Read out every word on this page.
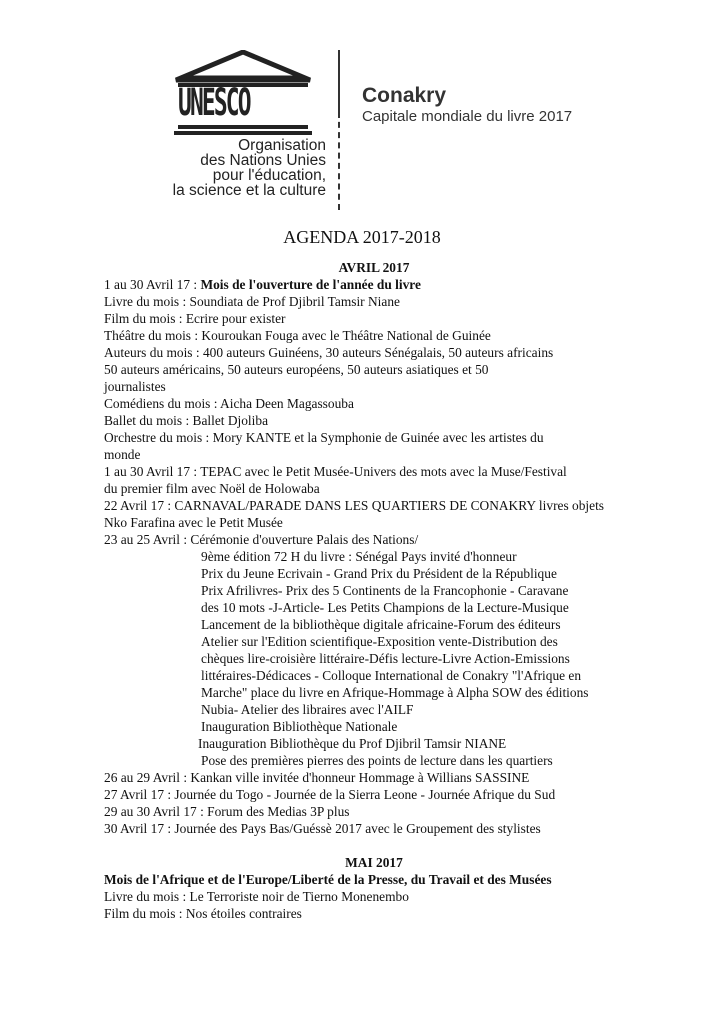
UNESCO
Organisation
des Nations Unies
pour l'éducation,
la science et la culture
Conakry
Capitale mondiale du livre 2017
AGENDA 2017-2018

AVRIL 2017

1 au 30 Avril 17 : Mois de l'ouverture de l'année du livre

Livre du mois : Soundiata de Prof Djibril Tamsir Niane

Film du mois : Ecrire pour exister

Théâtre du mois : Kouroukan Fouga avec le Théâtre National de Guinée

Auteurs du mois : 400 auteurs Guinéens, 30 auteurs Sénégalais, 50 auteurs africains

50 auteurs américains, 50 auteurs européens, 50 auteurs asiatiques et 50

journalistes

Comédiens du mois : Aicha Deen Magassouba

Ballet du mois : Ballet Djoliba

Orchestre du mois : Mory KANTE et la Symphonie de Guinée avec les artistes du

monde

1 au 30 Avril 17 : TEPAC avec le Petit Musée-Univers des mots avec la Muse/Festival

du premier film avec Noël de Holowaba

22 Avril 17 : CARNAVAL/PARADE DANS LES QUARTIERS DE CONAKRY livres objets

Nko Farafina avec le Petit Musée

23 au 25 Avril : Cérémonie d'ouverture Palais des Nations/

9ème édition 72 H du livre : Sénégal Pays invité d'honneur

Prix du Jeune Ecrivain - Grand Prix du Président de la République

Prix Afrilivres- Prix des 5 Continents de la Francophonie - Caravane

des 10 mots -J-Article- Les Petits Champions de la Lecture-Musique

Lancement de la bibliothèque digitale africaine-Forum des éditeurs

Atelier sur l'Edition scientifique-Exposition vente-Distribution des

chèques lire-croisière littéraire-Défis lecture-Livre Action-Emissions

littéraires-Dédicaces - Colloque International de Conakry "l'Afrique en

Marche" place du livre en Afrique-Hommage à Alpha SOW des éditions

Nubia- Atelier des libraires avec l'AILF

Inauguration Bibliothèque Nationale

Inauguration Bibliothèque du Prof Djibril Tamsir NIANE

Pose des premières pierres des points de lecture dans les quartiers

26 au 29 Avril : Kankan ville invitée d'honneur Hommage à Willians SASSINE

27 Avril 17 : Journée du Togo - Journée de la Sierra Leone - Journée Afrique du Sud

29 au 30 Avril 17 : Forum des Medias 3P plus

30 Avril 17 : Journée des Pays Bas/Guéssè 2017 avec le Groupement des stylistes

MAI 2017

Mois de l'Afrique et de l'Europe/Liberté de la Presse, du Travail et des Musées

Livre du mois : Le Terroriste noir de Tierno Monenembo

Film du mois : Nos étoiles contraires
